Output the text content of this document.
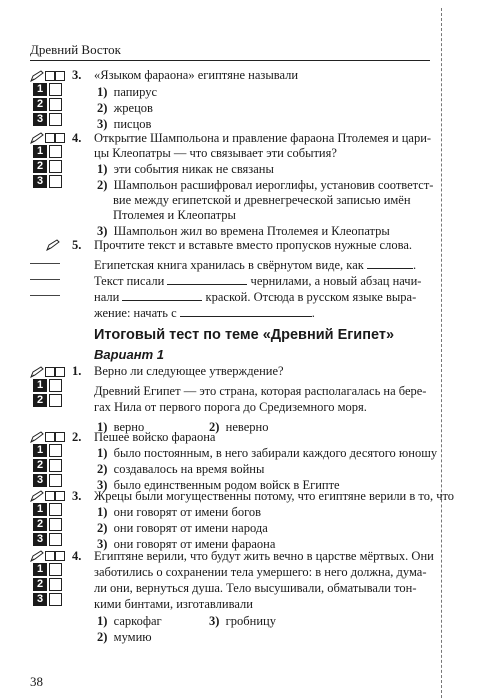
Древний Восток
1
2
3
3. «Языком фараона» египтяне называли
1) папирус
2) жрецов
3) писцов
1
2
3
4. Открытие Шампольона и правление фараона Птолемея и цари-
цы Клеопатры — что связывает эти события?
1) эти события никак не связаны
2) Шампольон расшифровал иероглифы, установив соответст-
вие между египетской и древнегреческой записью имён
Птолемея и Клеопатры
3) Шампольон жил во времена Птолемея и Клеопатры
5. Прочтите текст и вставьте вместо пропусков нужные слова.
Египетская книга хранилась в свёрнутом виде, как	.
Текст писали	чернилами, а новый абзац начи-
нали	краской. Отсюда в русском языке выра-
жение: начать с	.
Итоговый тест по теме «Древний Египет»
Вариант 1
1
2
1. Верно ли следующее утверждение?
Древний Египет — это страна, которая располагалась на бере-
гах Нила от первого порога до Средиземного моря.
1) верно	2) неверно
1
2
3
2. Пешее войско фараона
1) было постоянным, в него забирали каждого десятого юношу
2) создавалось на время войны
3) было единственным родом войск в Египте
1
2
3
3. Жрецы были могущественны потому, что египтяне верили в то, что
1) они говорят от имени богов
2) они говорят от имени народа
3) они говорят от имени фараона
1
2
3
4. Египтяне верили, что будут жить вечно в царстве мёртвых. Они
заботились о сохранении тела умершего: в него должна, дума-
ли они, вернуться душа. Тело высушивали, обматывали тон-
кими бинтами, изготавливали
1) саркофаг	3) гробницу
2) мумию
38
